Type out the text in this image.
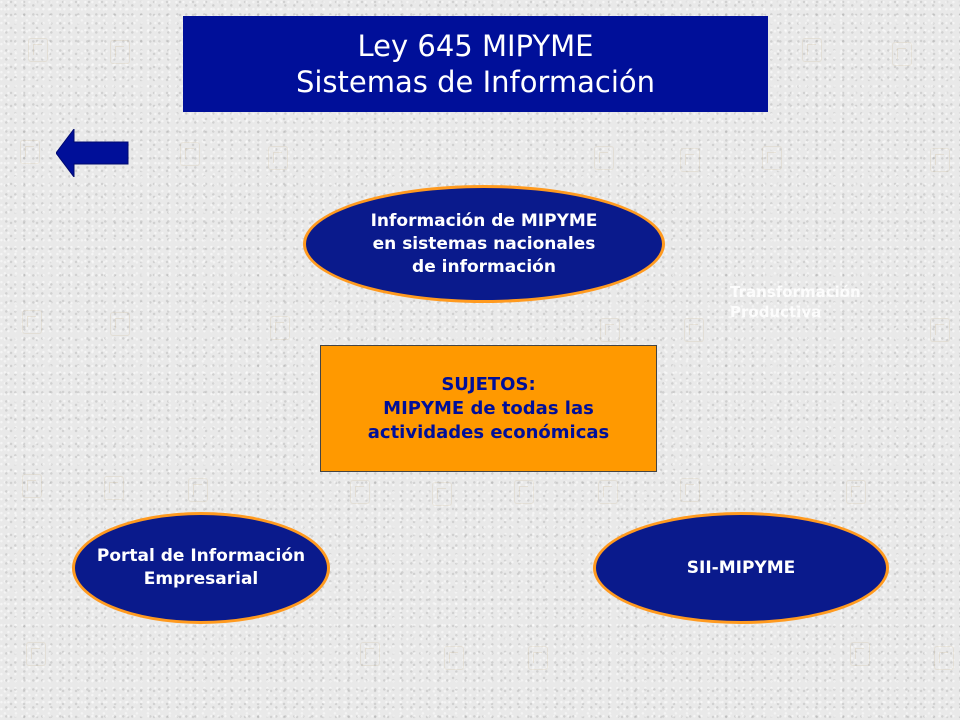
Ley 645 MIPYME
Sistemas de Información
Información de MIPYME
en sistemas nacionales
de información
Transformación
Productiva
SUJETOS:
MIPYME de todas las
actividades económicas
Portal de Información
Empresarial
SII-MIPYME
